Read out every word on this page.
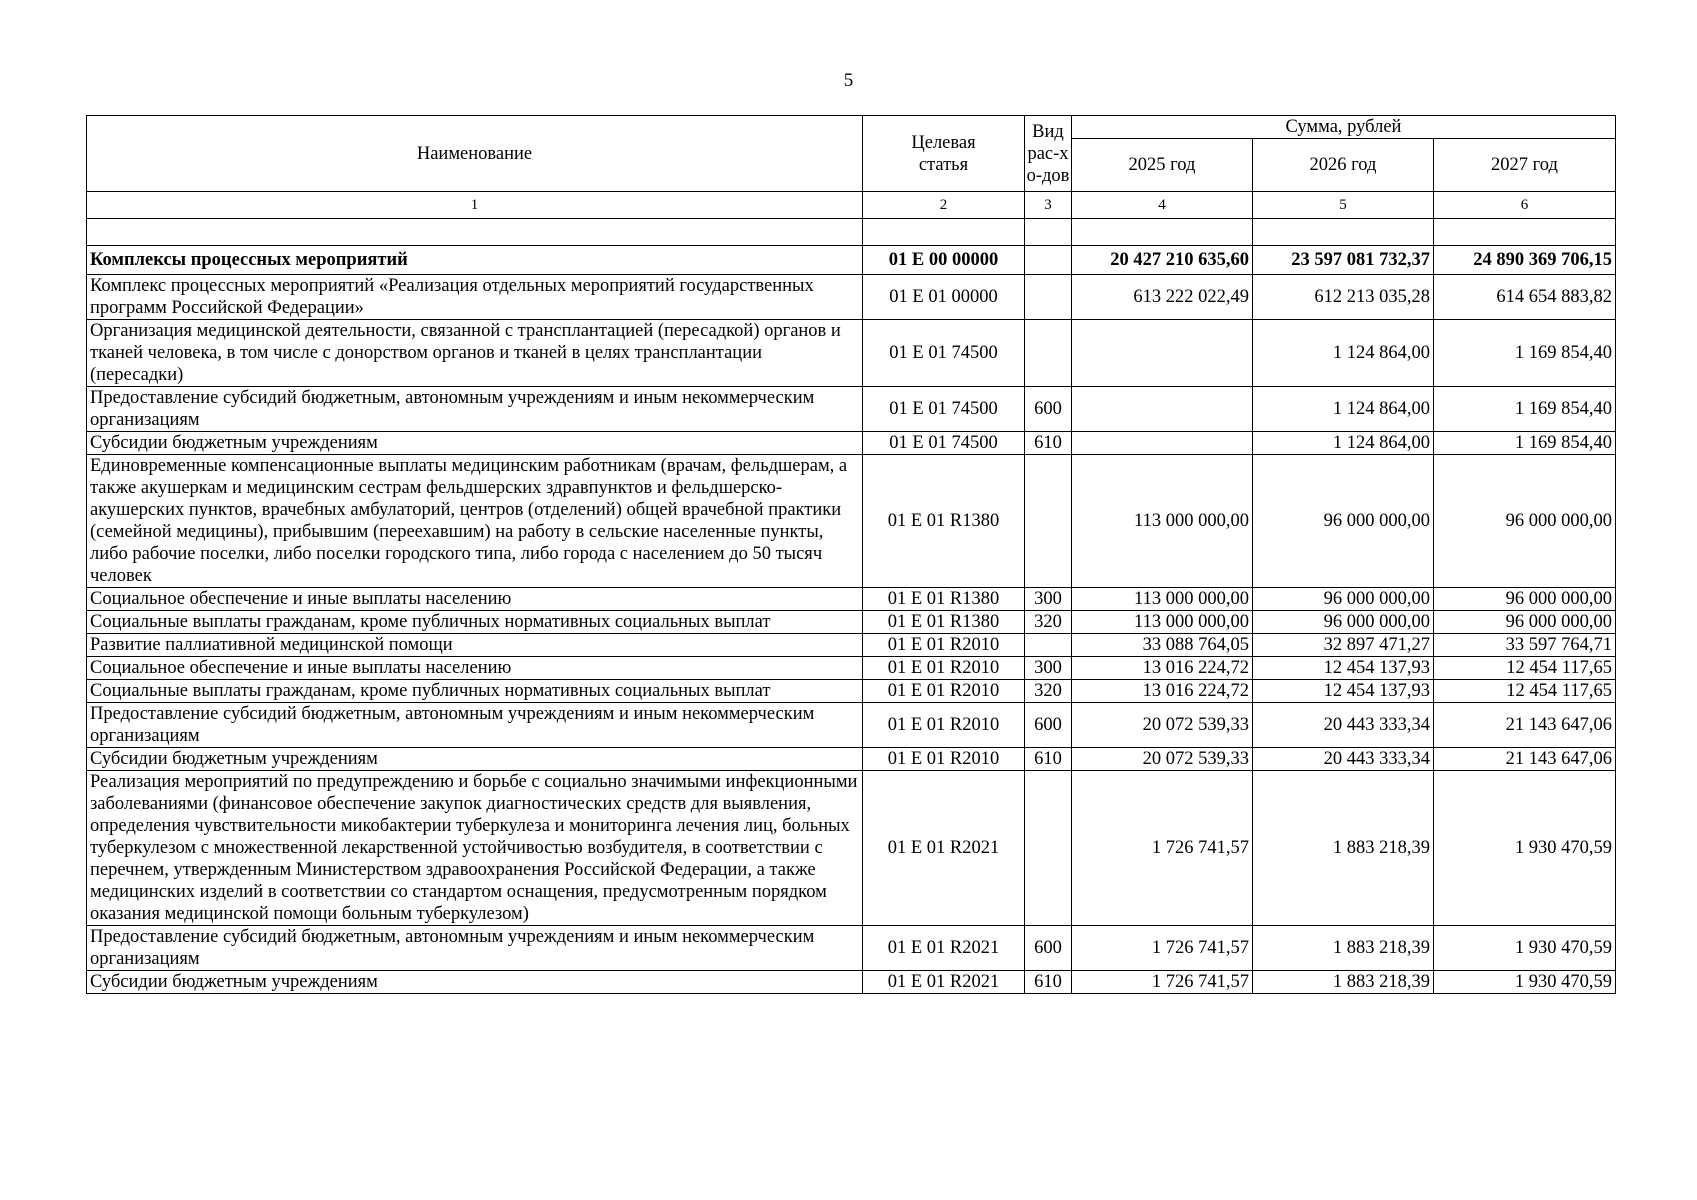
5
Наименование	Целевая статья	Вид рас-хо-дов	Сумма, рублей		
			2025 год	2026 год	2027 год
1	2	3	4	5	6

Комплексы процессных мероприятий	01 Е 00 00000		20 427 210 635,60	23 597 081 732,37	24 890 369 706,15
Комплекс процессных мероприятий «Реализация отдельных мероприятий государственных программ Российской Федерации»	01 Е 01 00000		613 222 022,49	612 213 035,28	614 654 883,82
Организация медицинской деятельности, связанной с трансплантацией (пересадкой) органов и тканей человека, в том числе с донорством органов и тканей в целях трансплантации (пересадки)	01 Е 01 74500			1 124 864,00	1 169 854,40
Предоставление субсидий бюджетным, автономным учреждениям и иным некоммерческим организациям	01 Е 01 74500	600		1 124 864,00	1 169 854,40
Субсидии бюджетным учреждениям	01 Е 01 74500	610		1 124 864,00	1 169 854,40
Единовременные компенсационные выплаты медицинским работникам (врачам, фельдшерам, а также акушеркам и медицинским сестрам фельдшерских здравпунктов и фельдшерско-акушерских пунктов, врачебных амбулаторий, центров (отделений) общей врачебной практики (семейной медицины), прибывшим (переехавшим) на работу в сельские населенные пункты, либо рабочие поселки, либо поселки городского типа, либо города с населением до 50 тысяч человек	01 Е 01 R1380		113 000 000,00	96 000 000,00	96 000 000,00
Социальное обеспечение и иные выплаты населению	01 Е 01 R1380	300	113 000 000,00	96 000 000,00	96 000 000,00
Социальные выплаты гражданам, кроме публичных нормативных социальных выплат	01 Е 01 R1380	320	113 000 000,00	96 000 000,00	96 000 000,00
Развитие паллиативной медицинской помощи	01 Е 01 R2010		33 088 764,05	32 897 471,27	33 597 764,71
Социальное обеспечение и иные выплаты населению	01 Е 01 R2010	300	13 016 224,72	12 454 137,93	12 454 117,65
Социальные выплаты гражданам, кроме публичных нормативных социальных выплат	01 Е 01 R2010	320	13 016 224,72	12 454 137,93	12 454 117,65
Предоставление субсидий бюджетным, автономным учреждениям и иным некоммерческим организациям	01 Е 01 R2010	600	20 072 539,33	20 443 333,34	21 143 647,06
Субсидии бюджетным учреждениям	01 Е 01 R2010	610	20 072 539,33	20 443 333,34	21 143 647,06
Реализация мероприятий по предупреждению и борьбе с социально значимыми инфекционными заболеваниями (финансовое обеспечение закупок диагностических средств для выявления, определения чувствительности микобактерии туберкулеза и мониторинга лечения лиц, больных туберкулезом с множественной лекарственной устойчивостью возбудителя, в соответствии с перечнем, утвержденным Министерством здравоохранения Российской Федерации, а также медицинских изделий в соответствии со стандартом оснащения, предусмотренным порядком оказания медицинской помощи больным туберкулезом)	01 Е 01 R2021		1 726 741,57	1 883 218,39	1 930 470,59
Предоставление субсидий бюджетным, автономным учреждениям и иным некоммерческим организациям	01 Е 01 R2021	600	1 726 741,57	1 883 218,39	1 930 470,59
Субсидии бюджетным учреждениям	01 Е 01 R2021	610	1 726 741,57	1 883 218,39	1 930 470,59
